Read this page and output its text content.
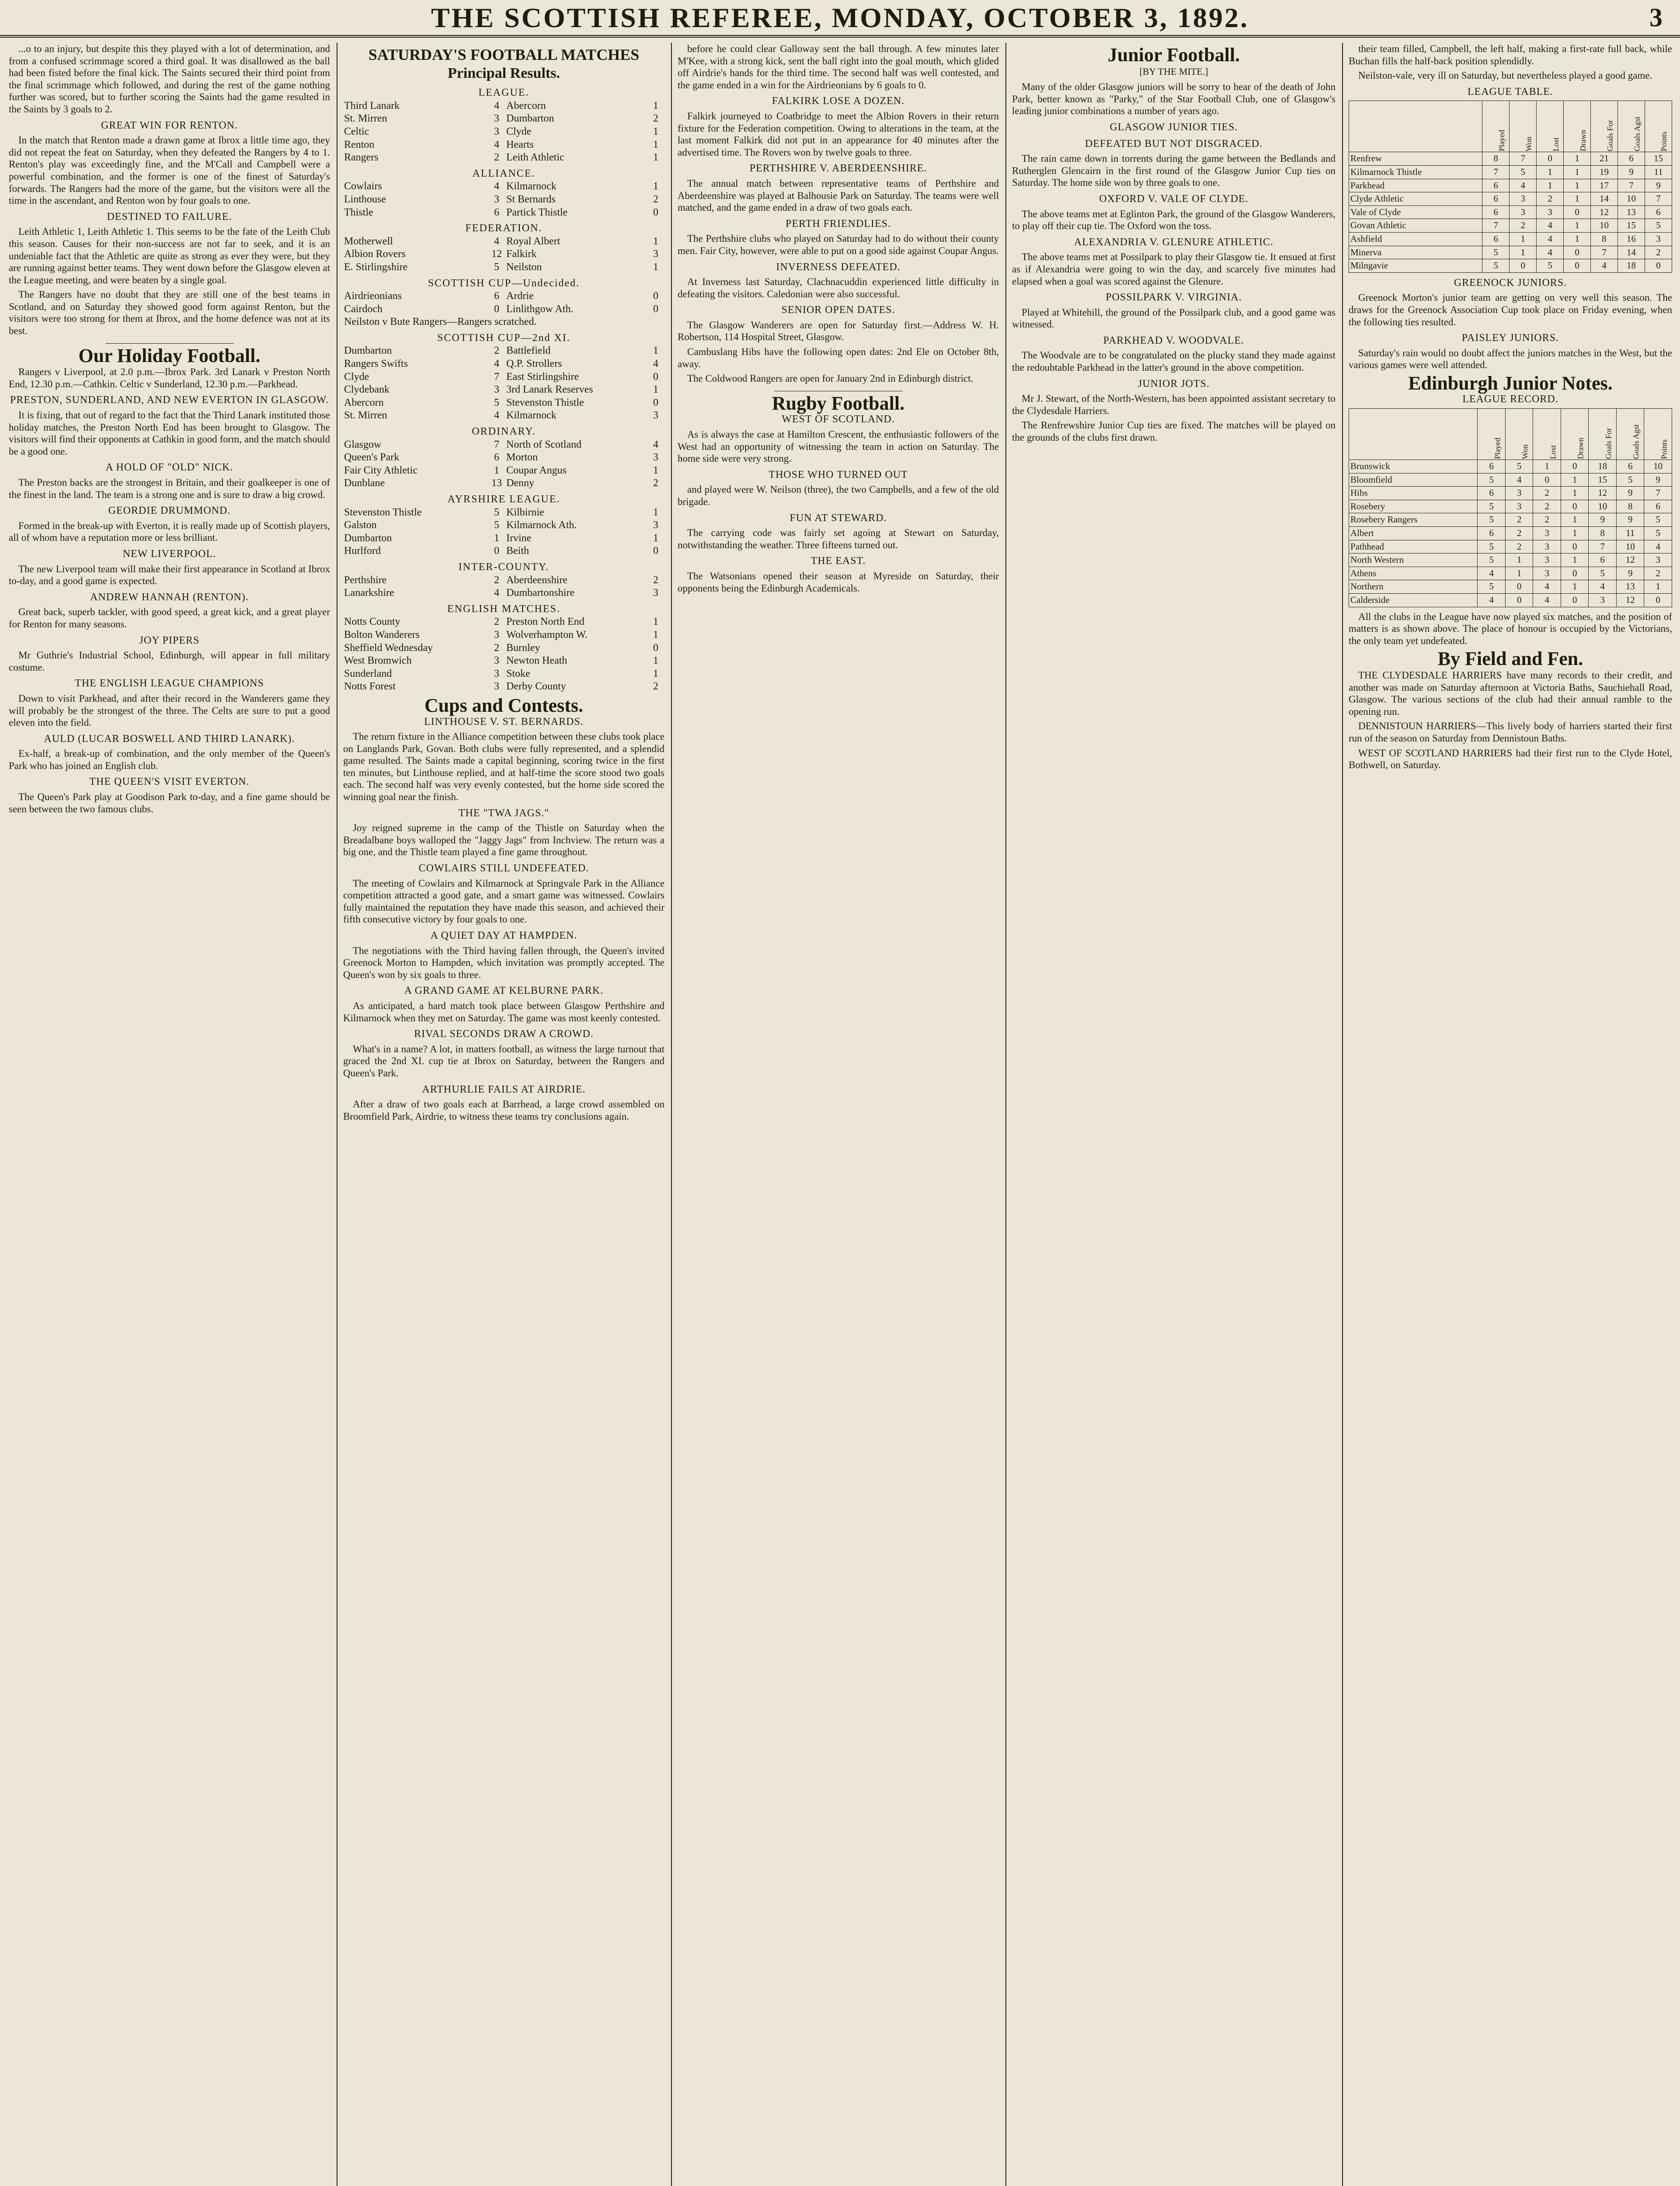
THE SCOTTISH REFEREE, MONDAY, OCTOBER 3, 1892.	3

...o to an injury, but despite this they played with a lot of determination, and from a confused scrimmage scored a third goal. It was disallowed as the ball had been fisted before the final kick. The Saints secured their third point from the final scrimmage which followed, and during the rest of the game nothing further was scored, but to further scoring the Saints had the game resulted in the Saints by 3 goals to 2.

GREAT WIN FOR RENTON.

In the match that Renton made a drawn game at Ibrox a little time ago, they did not repeat the feat on Saturday, when they defeated the Rangers by 4 to 1. Renton's play was exceedingly fine, and the M'Call and Campbell were a powerful combination, and the former is one of the finest of Saturday's forwards. The Rangers had the more of the game, but the visitors were all the time in the ascendant, and Renton won by four goals to one.

DESTINED TO FAILURE.

Leith Athletic 1, Leith Athletic 1. This seems to be the fate of the Leith Club this season. Causes for their non-success are not far to seek, and it is an undeniable fact that the Athletic are quite as strong as ever they were, but they are running against better teams. They went down before the Glasgow eleven at the League meeting, and were beaten by a single goal.

The Rangers have no doubt that they are still one of the best teams in Scotland, and on Saturday they showed good form against Renton, but the visitors were too strong for them at Ibrox, and the home defence was not at its best.

Our Holiday Football.

Rangers v Liverpool, at 2.0 p.m.—Ibrox Park. 3rd Lanark v Preston North End, 12.30 p.m.—Cathkin. Celtic v Sunderland, 12.30 p.m.—Parkhead.

PRESTON, SUNDERLAND, AND NEW EVERTON IN GLASGOW.

It is fixing, that out of regard to the fact that the Third Lanark instituted those holiday matches, the Preston North End has been brought to Glasgow. The visitors will find their opponents at Cathkin in good form, and the match should be a good one.

A HOLD OF "OLD" NICK.

The Preston backs are the strongest in Britain, and their goalkeeper is one of the finest in the land. The team is a strong one and is sure to draw a big crowd.

GEORDIE DRUMMOND.

Formed in the break-up with Everton, it is really made up of Scottish players, all of whom have a reputation more or less brilliant.

NEW LIVERPOOL.

The new Liverpool team will make their first appearance in Scotland at Ibrox to-day, and a good game is expected.

ANDREW HANNAH (RENTON).

Great back, superb tackler, with good speed, a great kick, and a great player for Renton for many seasons.

JOY PIPERS

Mr Guthrie's Industrial School, Edinburgh, will appear in full military costume.

THE ENGLISH LEAGUE CHAMPIONS

Down to visit Parkhead, and after their record in the Wanderers game they will probably be the strongest of the three. The Celts are sure to put a good eleven into the field.

AULD (LUCAR BOSWELL AND THIRD LANARK).

Ex-half, a break-up of combination, and the only member of the Queen's Park who has joined an English club.

THE QUEEN'S VISIT EVERTON.

The Queen's Park play at Goodison Park to-day, and a fine game should be seen between the two famous clubs.

SATURDAY'S FOOTBALL MATCHES
Principal Results.
LEAGUE.			
Third Lanark	4	Abercorn	1
St. Mirren	3	Dumbarton	2
Celtic	3	Clyde	1
Renton	4	Hearts	1
Rangers	2	Leith Athletic	1
ALLIANCE.			
Cowlairs	4	Kilmarnock	1
Linthouse	3	St Bernards	2
Thistle	6	Partick Thistle	0
FEDERATION.			
Motherwell	4	Royal Albert	1
Albion Rovers	12	Falkirk	3
E. Stirlingshire	5	Neilston	1
SCOTTISH CUP—Undecided.			
Airdrieonians	6	Ardrie	0
Cairdoch	0	Linlithgow Ath.	0
Neilston v Bute Rangers—Rangers scratched.			
SCOTTISH CUP—2nd XI.			
Dumbarton	2	Battlefield	1
Rangers Swifts	4	Q.P. Strollers	4
Clyde	7	East Stirlingshire	0
Clydebank	3	3rd Lanark Reserves	1
Abercorn	5	Stevenston Thistle	0
St. Mirren	4	Kilmarnock	3
ORDINARY.			
Glasgow	7	North of Scotland	4
Queen's Park	6	Morton	3
Fair City Athletic	1	Coupar Angus	1
Dunblane	13	Denny	2
AYRSHIRE LEAGUE.			
Stevenston Thistle	5	Kilbirnie	1
Galston	5	Kilmarnock Ath.	3
Dumbarton	1	Irvine	1
Hurlford	0	Beith	0
INTER-COUNTY.			
Perthshire	2	Aberdeenshire	2
Lanarkshire	4	Dumbartonshire	3
ENGLISH MATCHES.			
Notts County	2	Preston North End	1
Bolton Wanderers	3	Wolverhampton W.	1
Sheffield Wednesday	2	Burnley	0
West Bromwich	3	Newton Heath	1
Sunderland	3	Stoke	1
Notts Forest	3	Derby County	2
Cups and Contests.
LINTHOUSE V. ST. BERNARDS.

The return fixture in the Alliance competition between these clubs took place on Langlands Park, Govan. Both clubs were fully represented, and a splendid game resulted. The Saints made a capital beginning, scoring twice in the first ten minutes, but Linthouse replied, and at half-time the score stood two goals each. The second half was very evenly contested, but the home side scored the winning goal near the finish.

THE "TWA JAGS."

Joy reigned supreme in the camp of the Thistle on Saturday when the Breadalbane boys walloped the "Jaggy Jags" from Inchview. The return was a big one, and the Thistle team played a fine game throughout.

COWLAIRS STILL UNDEFEATED.

The meeting of Cowlairs and Kilmarnock at Springvale Park in the Alliance competition attracted a good gate, and a smart game was witnessed. Cowlairs fully maintained the reputation they have made this season, and achieved their fifth consecutive victory by four goals to one.

A QUIET DAY AT HAMPDEN.

The negotiations with the Third having fallen through, the Queen's invited Greenock Morton to Hampden, which invitation was promptly accepted. The Queen's won by six goals to three.

A GRAND GAME AT KELBURNE PARK.

As anticipated, a hard match took place between Glasgow Perthshire and Kilmarnock when they met on Saturday. The game was most keenly contested.

RIVAL SECONDS DRAW A CROWD.

What's in a name? A lot, in matters football, as witness the large turnout that graced the 2nd XI. cup tie at Ibrox on Saturday, between the Rangers and Queen's Park.

ARTHURLIE FAILS AT AIRDRIE.

After a draw of two goals each at Barrhead, a large crowd assembled on Broomfield Park, Airdrie, to witness these teams try conclusions again.

before he could clear Galloway sent the ball through. A few minutes later M'Kee, with a strong kick, sent the ball right into the goal mouth, which glided off Airdrie's hands for the third time. The second half was well contested, and the game ended in a win for the Airdrieonians by 6 goals to 0.

FALKIRK LOSE A DOZEN.

Falkirk journeyed to Coatbridge to meet the Albion Rovers in their return fixture for the Federation competition. Owing to alterations in the team, at the last moment Falkirk did not put in an appearance for 40 minutes after the advertised time. The Rovers won by twelve goals to three.

PERTHSHIRE V. ABERDEENSHIRE.

The annual match between representative teams of Perthshire and Aberdeenshire was played at Balhousie Park on Saturday. The teams were well matched, and the game ended in a draw of two goals each.

PERTH FRIENDLIES.

The Perthshire clubs who played on Saturday had to do without their county men. Fair City, however, were able to put on a good side against Coupar Angus.

INVERNESS DEFEATED.

At Inverness last Saturday, Clachnacuddin experienced little difficulty in defeating the visitors. Caledonian were also successful.

SENIOR OPEN DATES.

The Glasgow Wanderers are open for Saturday first.—Address W. H. Robertson, 114 Hospital Street, Glasgow.

Cambuslang Hibs have the following open dates: 2nd Ele on October 8th, away.

The Coldwood Rangers are open for January 2nd in Edinburgh district.

Rugby Football.
WEST OF SCOTLAND.

As is always the case at Hamilton Crescent, the enthusiastic followers of the West had an opportunity of witnessing the team in action on Saturday. The home side were very strong.

THOSE WHO TURNED OUT

and played were W. Neilson (three), the two Campbells, and a few of the old brigade.

FUN AT STEWARD.

The carrying code was fairly set agoing at Stewart on Saturday, notwithstanding the weather. Three fifteens turned out.

THE EAST.

The Watsonians opened their season at Myreside on Saturday, their opponents being the Edinburgh Academicals.

Junior Football.
[BY THE MITE.]

Many of the older Glasgow juniors will be sorry to hear of the death of John Park, better known as "Parky," of the Star Football Club, one of Glasgow's leading junior combinations a number of years ago.

GLASGOW JUNIOR TIES.
DEFEATED BUT NOT DISGRACED.

The rain came down in torrents during the game between the Bedlands and Rutherglen Glencairn in the first round of the Glasgow Junior Cup ties on Saturday. The home side won by three goals to one.

OXFORD V. VALE OF CLYDE.

The above teams met at Eglinton Park, the ground of the Glasgow Wanderers, to play off their cup tie. The Oxford won the toss.

ALEXANDRIA V. GLENURE ATHLETIC.

The above teams met at Possilpark to play their Glasgow tie. It ensued at first as if Alexandria were going to win the day, and scarcely five minutes had elapsed when a goal was scored against the Glenure.

POSSILPARK V. VIRGINIA.

Played at Whitehill, the ground of the Possilpark club, and a good game was witnessed.

PARKHEAD V. WOODVALE.

The Woodvale are to be congratulated on the plucky stand they made against the redoubtable Parkhead in the latter's ground in the above competition.

JUNIOR JOTS.

Mr J. Stewart, of the North-Western, has been appointed assistant secretary to the Clydesdale Harriers.

The Renfrewshire Junior Cup ties are fixed. The matches will be played on the grounds of the clubs first drawn.

their team filled, Campbell, the left half, making a first-rate full back, while Buchan fills the half-back position splendidly.

Neilston-vale, very ill on Saturday, but nevertheless played a good game.

LEAGUE TABLE.
	Played	Won	Lost	Drawn	Goals For	Goals Agst	Points
Renfrew	8	7	0	1	21	6	15
Kilmarnock Thistle	7	5	1	1	19	9	11
Parkhead	6	4	1	1	17	7	9
Clyde Athletic	6	3	2	1	14	10	7
Vale of Clyde	6	3	3	0	12	13	6
Govan Athletic	7	2	4	1	10	15	5
Ashfield	6	1	4	1	8	16	3
Minerva	5	1	4	0	7	14	2
Milngavie	5	0	5	0	4	18	0
GREENOCK JUNIORS.

Greenock Morton's junior team are getting on very well this season. The draws for the Greenock Association Cup took place on Friday evening, when the following ties resulted.

PAISLEY JUNIORS.

Saturday's rain would no doubt affect the juniors matches in the West, but the various games were well attended.

Edinburgh Junior Notes.
LEAGUE RECORD.
	Played	Won	Lost	Drawn	Goals For	Goals Agst	Points
Brunswick	6	5	1	0	18	6	10
Bloomfield	5	4	0	1	15	5	9
Hibs	6	3	2	1	12	9	7
Rosebery	5	3	2	0	10	8	6
Rosebery Rangers	5	2	2	1	9	9	5
Albert	6	2	3	1	8	11	5
Pathhead	5	2	3	0	7	10	4
North Western	5	1	3	1	6	12	3
Athens	4	1	3	0	5	9	2
Northern	5	0	4	1	4	13	1
Calderside	4	0	4	0	3	12	0

All the clubs in the League have now played six matches, and the position of matters is as shown above. The place of honour is occupied by the Victorians, the only team yet undefeated.

By Field and Fen.

THE CLYDESDALE HARRIERS have many records to their credit, and another was made on Saturday afternoon at Victoria Baths, Sauchiehall Road, Glasgow. The various sections of the club had their annual ramble to the opening run.

DENNISTOUN HARRIERS—This lively body of harriers started their first run of the season on Saturday from Dennistoun Baths.

WEST OF SCOTLAND HARRIERS had their first run to the Clyde Hotel, Bothwell, on Saturday.
